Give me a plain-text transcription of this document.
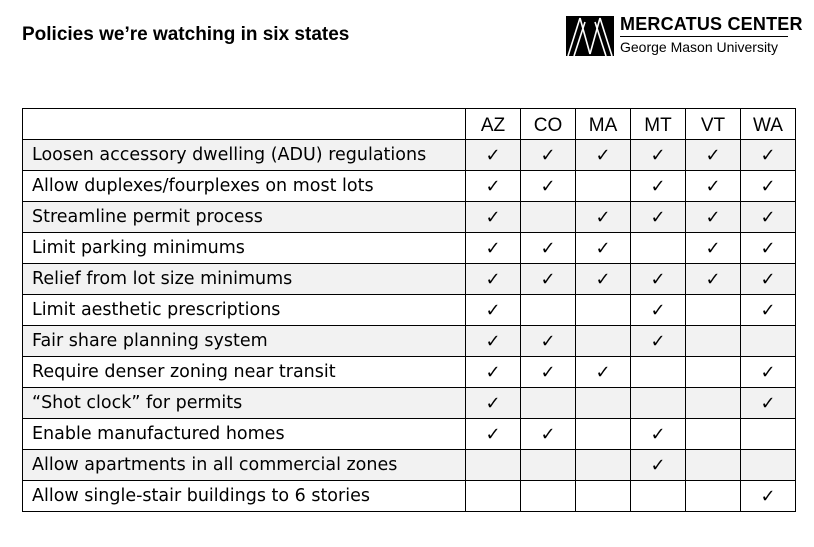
Policies we’re watching in six states	MERCATUS CENTER
George Mason University
	AZ	CO	MA	MT	VT	WA
Loosen accessory dwelling (ADU) regulations	✓	✓	✓	✓	✓	✓
Allow duplexes/fourplexes on most lots	✓	✓		✓	✓	✓
Streamline permit process	✓		✓	✓	✓	✓
Limit parking minimums	✓	✓	✓		✓	✓
Relief from lot size minimums	✓	✓	✓	✓	✓	✓
Limit aesthetic prescriptions	✓			✓		✓
Fair share planning system	✓	✓		✓		
Require denser zoning near transit	✓	✓	✓			✓
“Shot clock” for permits	✓					✓
Enable manufactured homes	✓	✓		✓		
Allow apartments in all commercial zones				✓		
Allow single-stair buildings to 6 stories						✓
